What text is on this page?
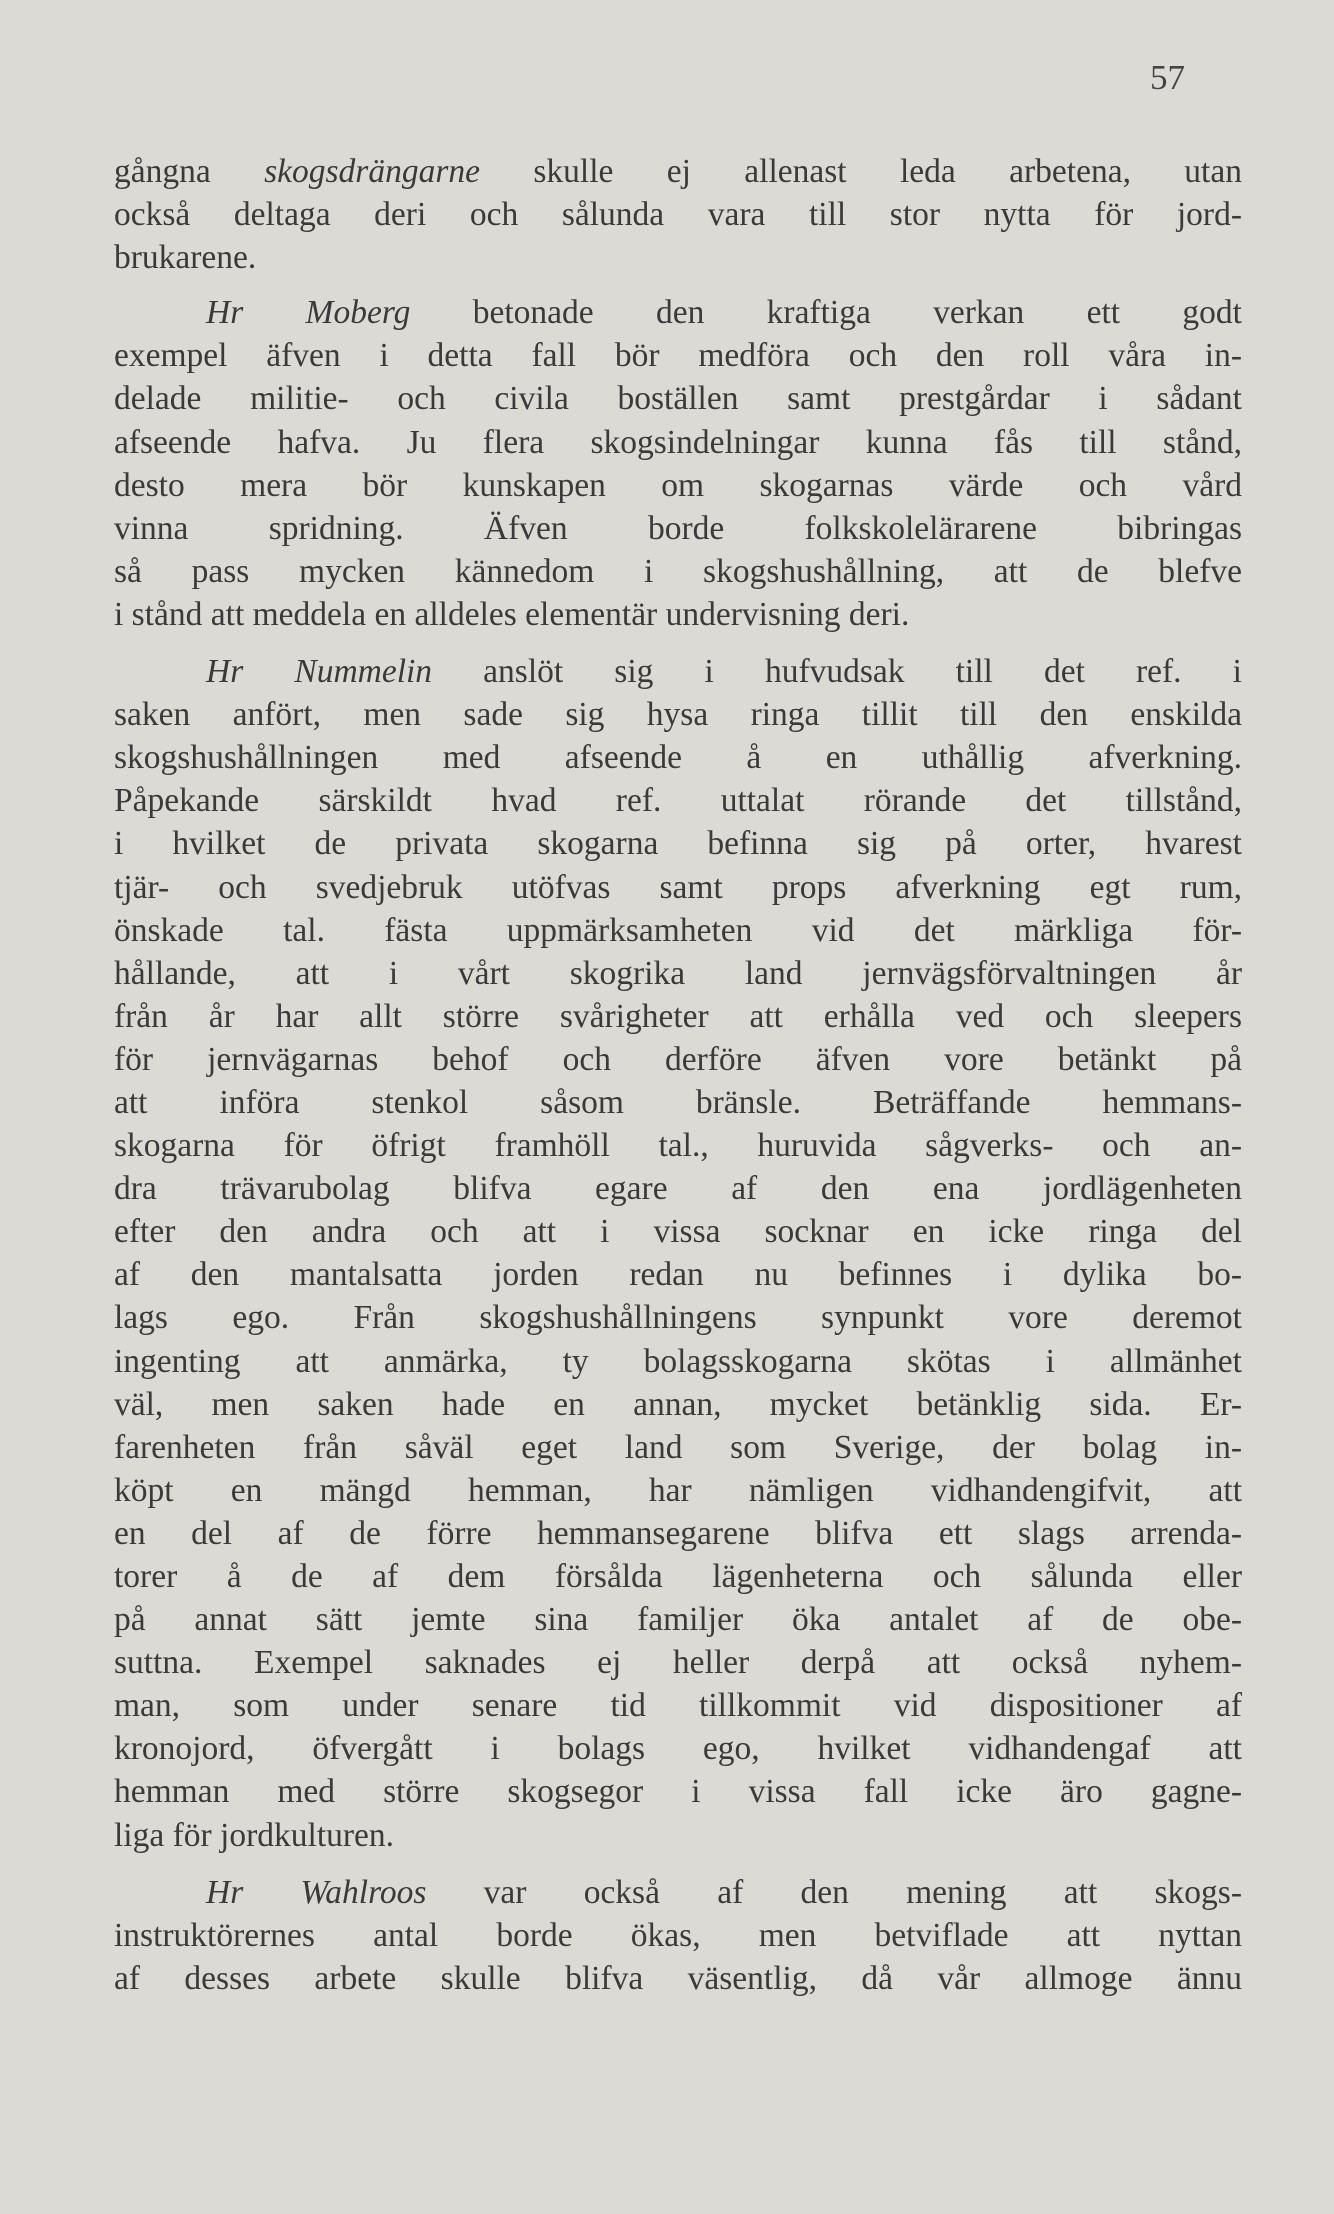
57
gångna skogsdrängarne skulle ej allenast leda arbetena, utan
också deltaga deri och sålunda vara till stor nytta för jord-
brukarene.
Hr Moberg betonade den kraftiga verkan ett godt
exempel äfven i detta fall bör medföra och den roll våra in-
delade militie- och civila boställen samt prestgårdar i sådant
afseende hafva. Ju flera skogsindelningar kunna fås till stånd,
desto mera bör kunskapen om skogarnas värde och vård
vinna spridning. Äfven borde folkskolelärarene bibringas
så pass mycken kännedom i skogshushållning, att de blefve
i stånd att meddela en alldeles elementär undervisning deri.
Hr Nummelin anslöt sig i hufvudsak till det ref. i
saken anfört, men sade sig hysa ringa tillit till den enskilda
skogshushållningen med afseende å en uthållig afverkning.
Påpekande särskildt hvad ref. uttalat rörande det tillstånd,
i hvilket de privata skogarna befinna sig på orter, hvarest
tjär- och svedjebruk utöfvas samt props afverkning egt rum,
önskade tal. fästa uppmärksamheten vid det märkliga för-
hållande, att i vårt skogrika land jernvägsförvaltningen år
från år har allt större svårigheter att erhålla ved och sleepers
för jernvägarnas behof och derföre äfven vore betänkt på
att införa stenkol såsom bränsle. Beträffande hemmans-
skogarna för öfrigt framhöll tal., huruvida sågverks- och an-
dra trävarubolag blifva egare af den ena jordlägenheten
efter den andra och att i vissa socknar en icke ringa del
af den mantalsatta jorden redan nu befinnes i dylika bo-
lags ego. Från skogshushållningens synpunkt vore deremot
ingenting att anmärka, ty bolagsskogarna skötas i allmänhet
väl, men saken hade en annan, mycket betänklig sida. Er-
farenheten från såväl eget land som Sverige, der bolag in-
köpt en mängd hemman, har nämligen vidhandengifvit, att
en del af de förre hemmansegarene blifva ett slags arrenda-
torer å de af dem försålda lägenheterna och sålunda eller
på annat sätt jemte sina familjer öka antalet af de obe-
suttna. Exempel saknades ej heller derpå att också nyhem-
man, som under senare tid tillkommit vid dispositioner af
kronojord, öfvergått i bolags ego, hvilket vidhandengaf att
hemman med större skogsegor i vissa fall icke äro gagne-
liga för jordkulturen.
Hr Wahlroos var också af den mening att skogs-
instruktörernes antal borde ökas, men betviflade att nyttan
af desses arbete skulle blifva väsentlig, då vår allmoge ännu
